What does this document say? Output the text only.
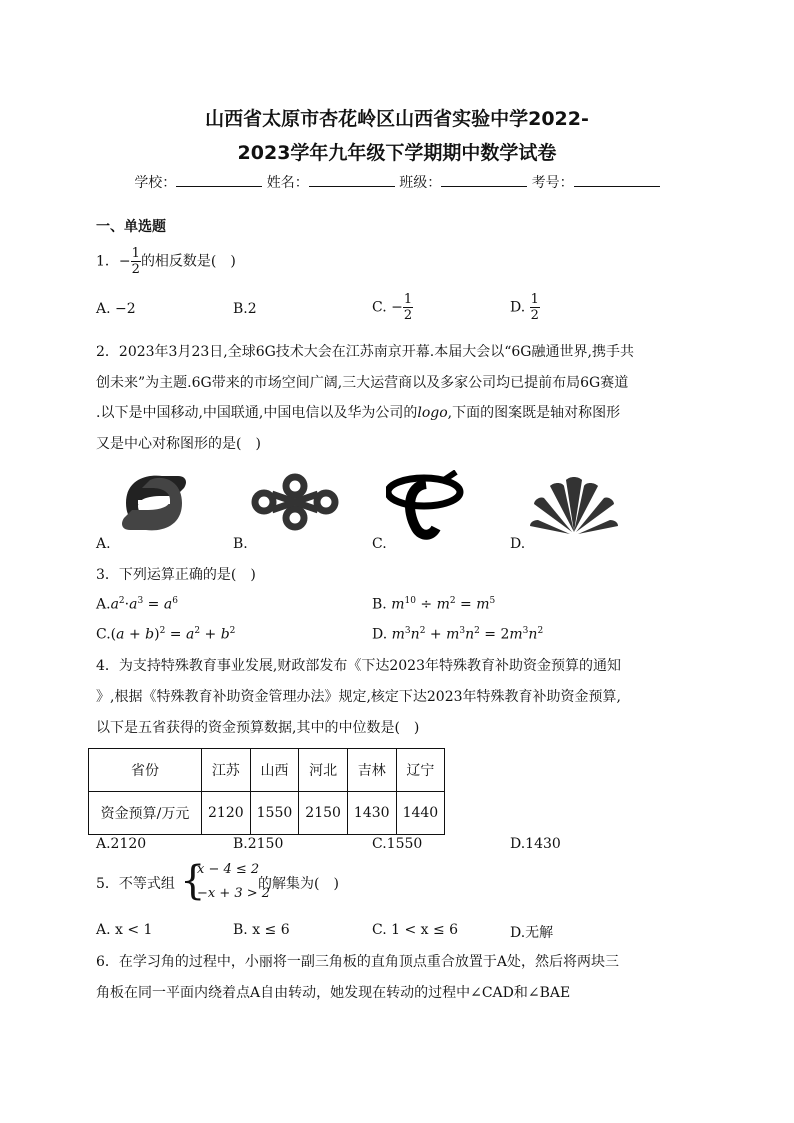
山西省太原市杏花岭区山西省实验中学2022-
2023学年九年级下学期期中数学试卷
学校：	姓名：	班级：	考号：
一、单选题
1．− $\frac{1}{2}$ 的相反数是(　)
A. −2	B.2	C. − $\frac{1}{2}$	D. $\frac{1}{2}$
2．2023年3月23日,全球6G技术大会在江苏南京开幕.本届大会以“6G融通世界,携手共
创未来”为主题.6G带来的市场空间广阔,三大运营商以及多家公司均已提前布局6G赛道
.以下是中国移动,中国联通,中国电信以及华为公司的logo,下面的图案既是轴对称图形
又是中心对称图形的是(　)
A.	B.	C.	D.
3．下列运算正确的是(　)
$A.a^2\cdot a^3 = a^6$	B. $m^{10} \div m^2 = m^5$
$C.(a + b)^2 = a^2 + b^2$	D. $m^3n^2 + m^3n^2 = 2m^3n^2$
4．为支持特殊教育事业发展,财政部发布《下达2023年特殊教育补助资金预算的通知
》,根据《特殊教育补助资金管理办法》规定,核定下达2023年特殊教育补助资金预算,
以下是五省获得的资金预算数据,其中的中位数是(　)
省份	江苏	山西	河北	吉林	辽宁
资金预算/万元	2120	1550	2150	1430	1440
A.2120	B.2150	C.1550	D.1430
5．不等式组 {
x − 4 ≤ 2
−x + 3 > 2
的解集为(　)
A. x < 1	B. x ≤ 6	C. 1 < x ≤ 6	D.无解
6．在学习角的过程中，小丽将一副三角板的直角顶点重合放置于A处，然后将两块三
角板在同一平面内绕着点A自由转动，她发现在转动的过程中∠CAD和∠BAE
